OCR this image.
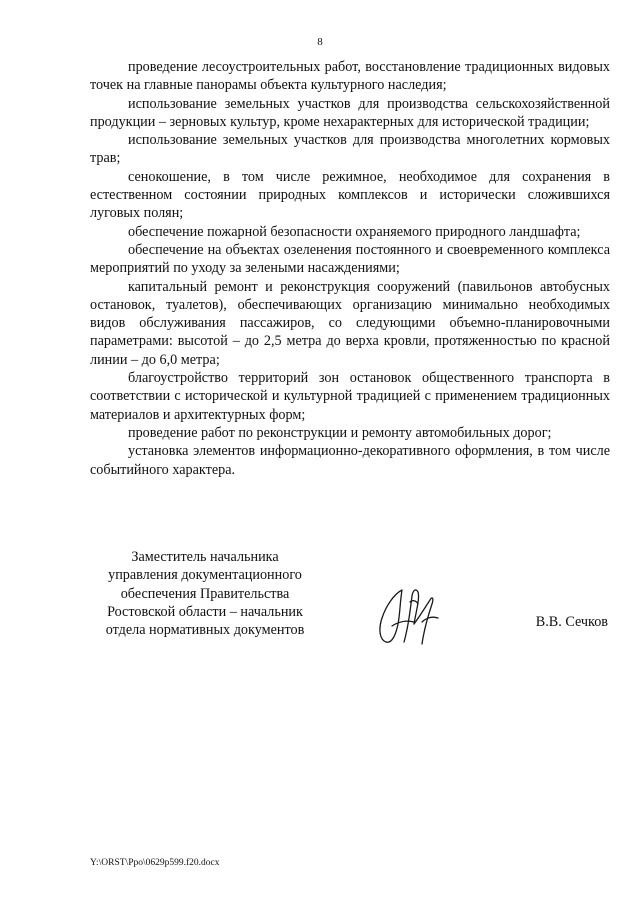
8

проведение лесоустроительных работ, восстановление традиционных видовых точек на главные панорамы объекта культурного наследия;

использование земельных участков для производства сельскохозяйственной продукции – зерновых культур, кроме нехарактерных для исторической традиции;

использование земельных участков для производства многолетних кормовых трав;

сенокошение, в том числе режимное, необходимое для сохранения в естественном состоянии природных комплексов и исторически сложившихся луговых полян;

обеспечение пожарной безопасности охраняемого природного ландшафта;

обеспечение на объектах озеленения постоянного и своевременного комплекса мероприятий по уходу за зелеными насаждениями;

капитальный ремонт и реконструкция сооружений (павильонов автобусных остановок, туалетов), обеспечивающих организацию минимально необходимых видов обслуживания пассажиров, со следующими объемно-планировочными параметрами: высотой – до 2,5 метра до верха кровли, протяженностью по красной линии – до 6,0 метра;

благоустройство территорий зон остановок общественного транспорта в соответствии с исторической и культурной традицией с применением традиционных материалов и архитектурных форм;

проведение работ по реконструкции и ремонту автомобильных дорог;

установка элементов информационно-декоративного оформления, в том числе событийного характера.

Заместитель начальника
управления документационного
обеспечения Правительства
Ростовской области – начальник
отдела нормативных документов
В.В. Сечков
Y:\ORST\Ppo\0629p599.f20.docx
